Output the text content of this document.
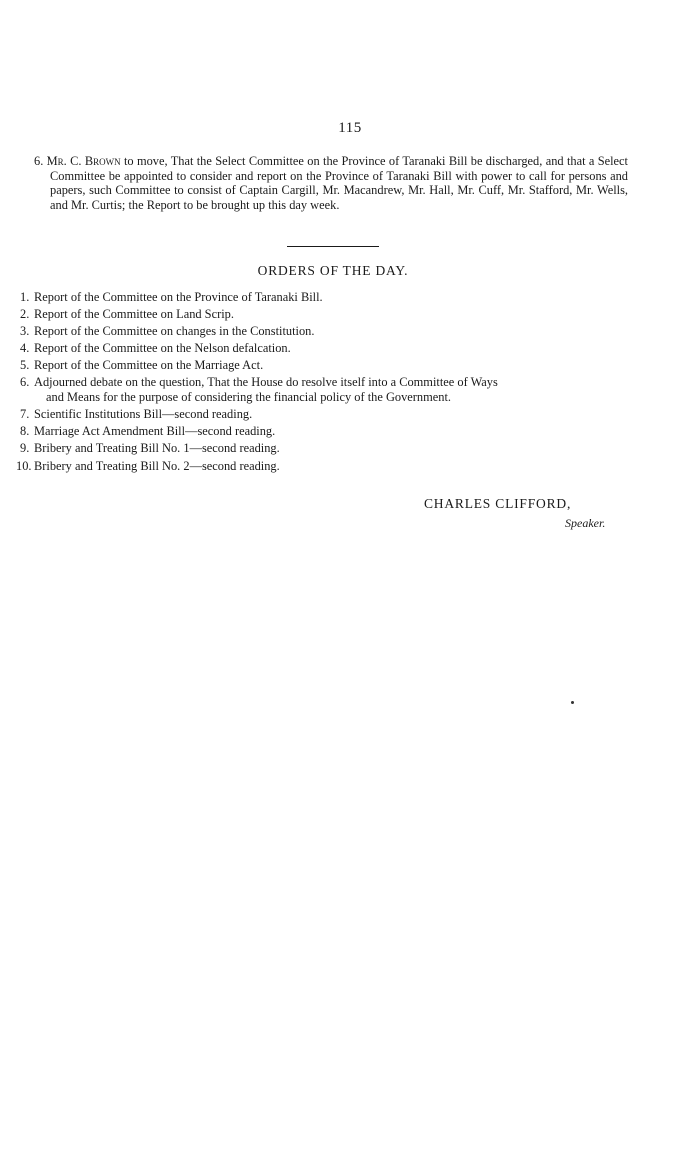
115
6. Mr. C. Brown to move, That the Select Committee on the Province of Taranaki Bill be discharged, and that a Select Committee be appointed to consider and report on the Province of Taranaki Bill with power to call for persons and papers, such Committee to consist of Captain Cargill, Mr. Macandrew, Mr. Hall, Mr. Cuff, Mr. Stafford, Mr. Wells, and Mr. Curtis; the Report to be brought up this day week.
ORDERS OF THE DAY.
1. Report of the Committee on the Province of Taranaki Bill.
2. Report of the Committee on Land Scrip.
3. Report of the Committee on changes in the Constitution.
4. Report of the Committee on the Nelson defalcation.
5. Report of the Committee on the Marriage Act.
6. Adjourned debate on the question, That the House do resolve itself into a Committee of Ways
and Means for the purpose of considering the financial policy of the Government.
7. Scientific Institutions Bill—second reading.
8. Marriage Act Amendment Bill—second reading.
9. Bribery and Treating Bill No. 1—second reading.
10. Bribery and Treating Bill No. 2—second reading.
CHARLES CLIFFORD,
Speaker.
